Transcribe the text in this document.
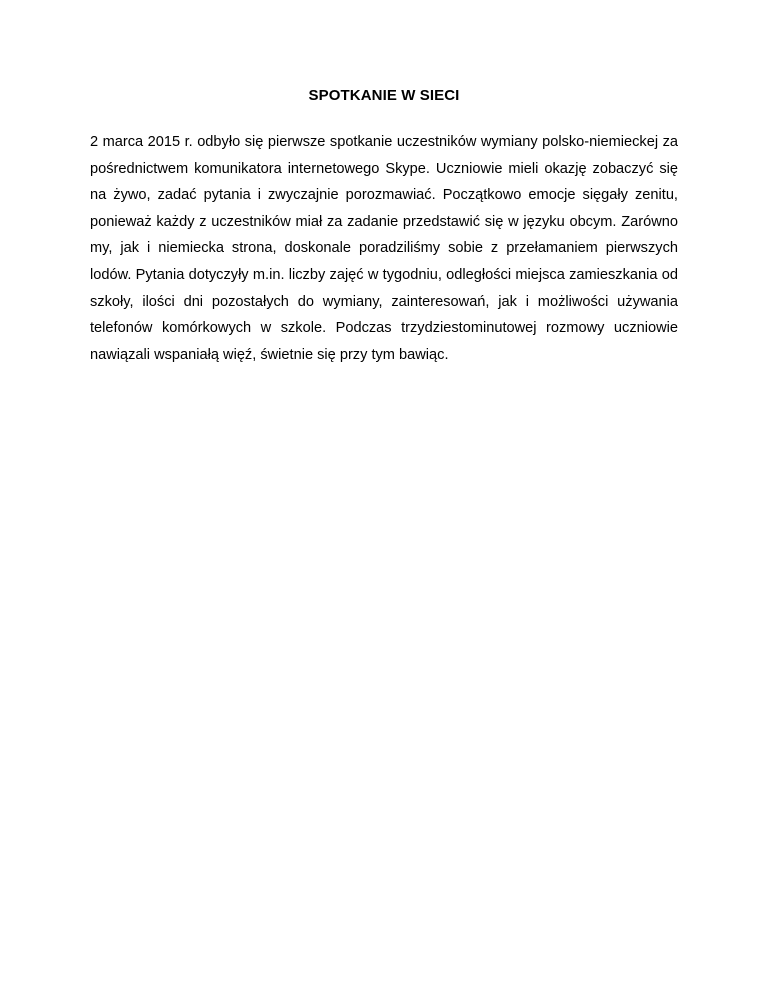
SPOTKANIE W SIECI

2 marca 2015 r. odbyło się pierwsze spotkanie uczestników wymiany polsko-niemieckej za pośrednictwem komunikatora internetowego Skype. Uczniowie mieli okazję zobaczyć się na żywo, zadać pytania i zwyczajnie porozmawiać. Początkowo emocje sięgały zenitu, ponieważ każdy z uczestników miał za zadanie przedstawić się w języku obcym. Zarówno my, jak i niemiecka strona, doskonale poradziliśmy sobie z przełamaniem pierwszych lodów. Pytania dotyczyły m.in. liczby zajęć w tygodniu, odległości miejsca zamieszkania od szkoły, ilości dni pozostałych do wymiany, zainteresowań, jak i możliwości używania telefonów komórkowych w szkole. Podczas trzydziestominutowej rozmowy uczniowie nawiązali wspaniałą więź, świetnie się przy tym bawiąc.
